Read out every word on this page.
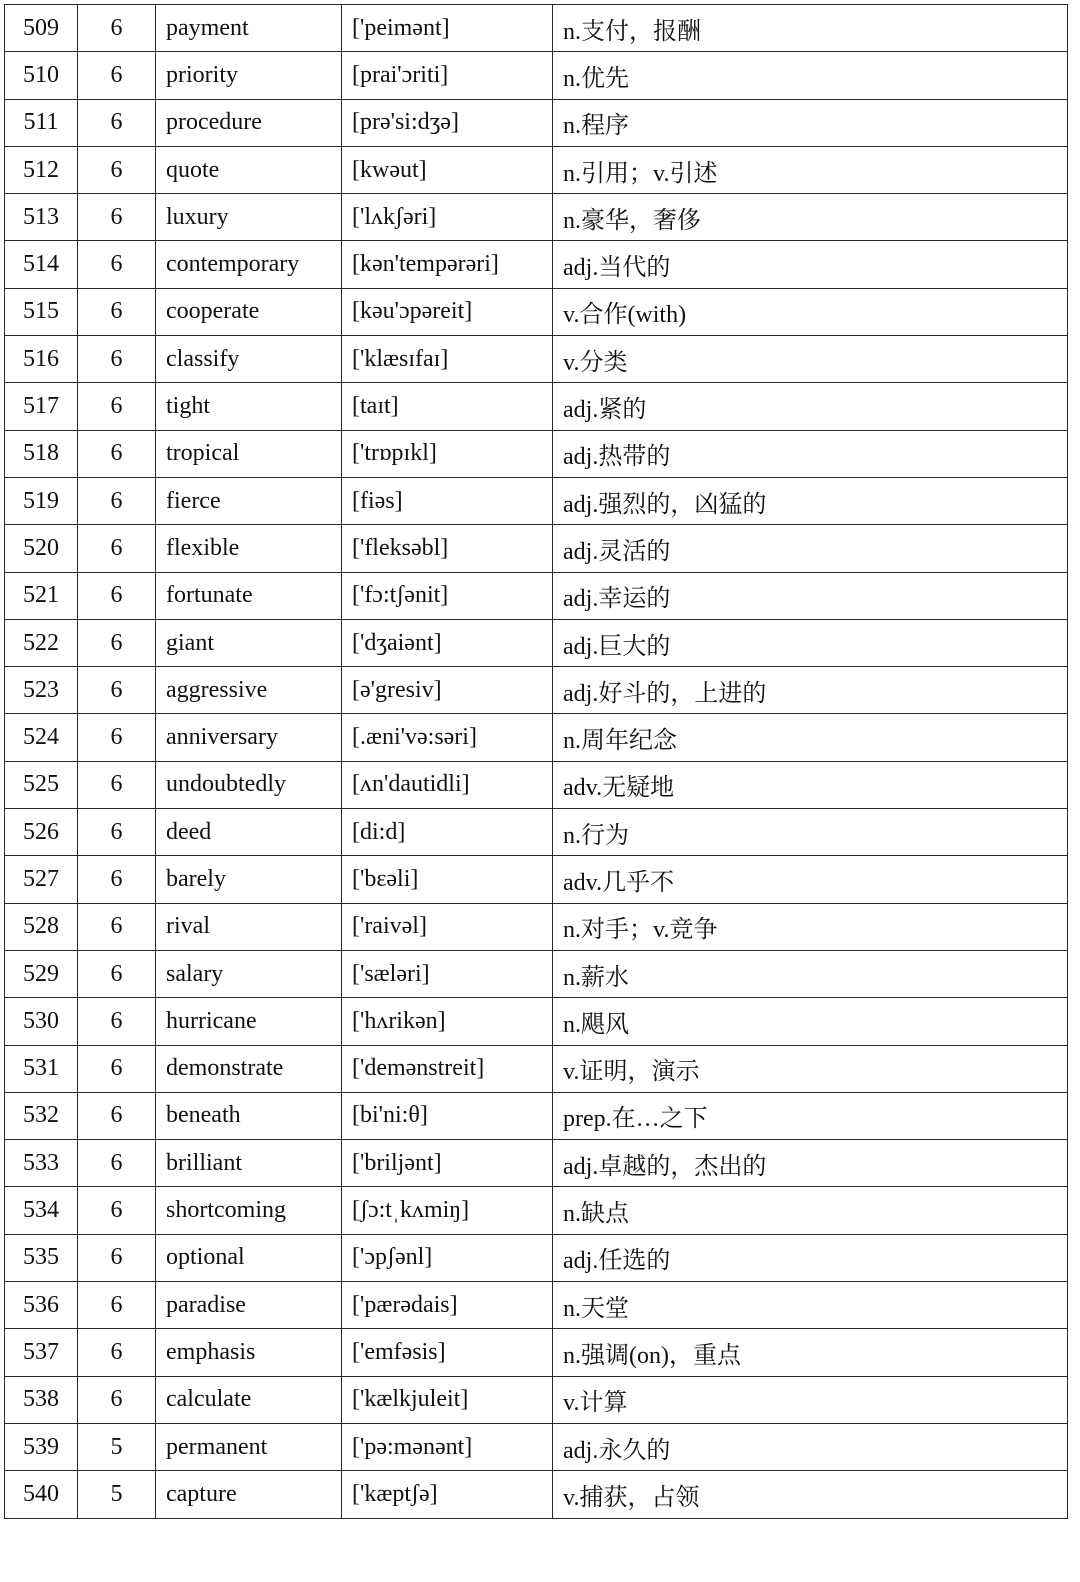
509	6	payment	['peimənt]	n.支付，报酬
510	6	priority	[prai'ɔriti]	n.优先
511	6	procedure	[prə'si:dʒə]	n.程序
512	6	quote	[kwəut]	n.引用；v.引述
513	6	luxury	['lʌkʃəri]	n.豪华，奢侈
514	6	contemporary	[kən'tempərəri]	adj.当代的
515	6	cooperate	[kəu'ɔpəreit]	v.合作(with)
516	6	classify	['klæsɪfaɪ]	v.分类
517	6	tight	[taɪt]	adj.紧的
518	6	tropical	['trɒpɪkl]	adj.热带的
519	6	fierce	[fiəs]	adj.强烈的，凶猛的
520	6	flexible	['fleksəbl]	adj.灵活的
521	6	fortunate	['fɔ:tʃənit]	adj.幸运的
522	6	giant	['dʒaiənt]	adj.巨大的
523	6	aggressive	[ə'gresiv]	adj.好斗的，上进的
524	6	anniversary	[.æni'və:səri]	n.周年纪念
525	6	undoubtedly	[ʌn'dautidli]	adv.无疑地
526	6	deed	[di:d]	n.行为
527	6	barely	['bɛəli]	adv.几乎不
528	6	rival	['raivəl]	n.对手；v.竞争
529	6	salary	['sæləri]	n.薪水
530	6	hurricane	['hʌrikən]	n.飓风
531	6	demonstrate	['demənstreit]	v.证明，演示
532	6	beneath	[bi'ni:θ]	prep.在…之下
533	6	brilliant	['briljənt]	adj.卓越的，杰出的
534	6	shortcoming	[ʃɔ:tˌkʌmiŋ]	n.缺点
535	6	optional	['ɔpʃənl]	adj.任选的
536	6	paradise	['pærədais]	n.天堂
537	6	emphasis	['emfəsis]	n.强调(on)，重点
538	6	calculate	['kælkjuleit]	v.计算
539	5	permanent	['pə:mənənt]	adj.永久的
540	5	capture	['kæptʃə]	v.捕获，占领
